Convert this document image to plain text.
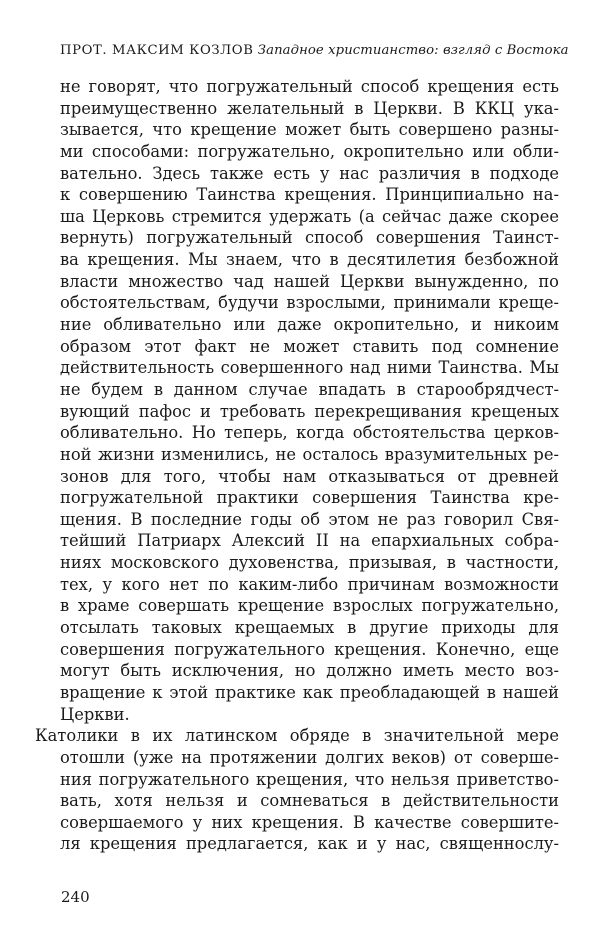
ПРОТ. МАКСИМ КОЗЛОВ Западное христианство: взгляд с Востока
не говорят, что погружательный способ крещения есть
преимущественно желательный в Церкви. В ККЦ ука-
зывается, что крещение может быть совершено разны-
ми способами: погружательно, окропительно или обли-
вательно. Здесь также есть у нас различия в подходе
к совершению Таинства крещения. Принципиально на-
ша Церковь стремится удержать (а сейчас даже скорее
вернуть) погружательный способ совершения Таинст-
ва крещения. Мы знаем, что в десятилетия безбожной
власти множество чад нашей Церкви вынужденно, по
обстоятельствам, будучи взрослыми, принимали креще-
ние обливательно или даже окропительно, и никоим
образом этот факт не может ставить под сомнение
действительность совершенного над ними Таинства. Мы
не будем в данном случае впадать в старообрядчест-
вующий пафос и требовать перекрещивания крещеных
обливательно. Но теперь, когда обстоятельства церков-
ной жизни изменились, не осталось вразумительных ре-
зонов для того, чтобы нам отказываться от древней
погружательной практики совершения Таинства кре-
щения. В последние годы об этом не раз говорил Свя-
тейший Патриарх Алексий II на епархиальных собра-
ниях московского духовенства, призывая, в частности,
тех, у кого нет по каким-либо причинам возможности
в храме совершать крещение взрослых погружательно,
отсылать таковых крещаемых в другие приходы для
совершения погружательного крещения. Конечно, еще
могут быть исключения, но должно иметь место воз-
вращение к этой практике как преобладающей в нашей
Церкви.
Католики в их латинском обряде в значительной мере
отошли (уже на протяжении долгих веков) от соверше-
ния погружательного крещения, что нельзя приветство-
вать, хотя нельзя и сомневаться в действительности
совершаемого у них крещения. В качестве совершите-
ля крещения предлагается, как и у нас, священнослу-
240
